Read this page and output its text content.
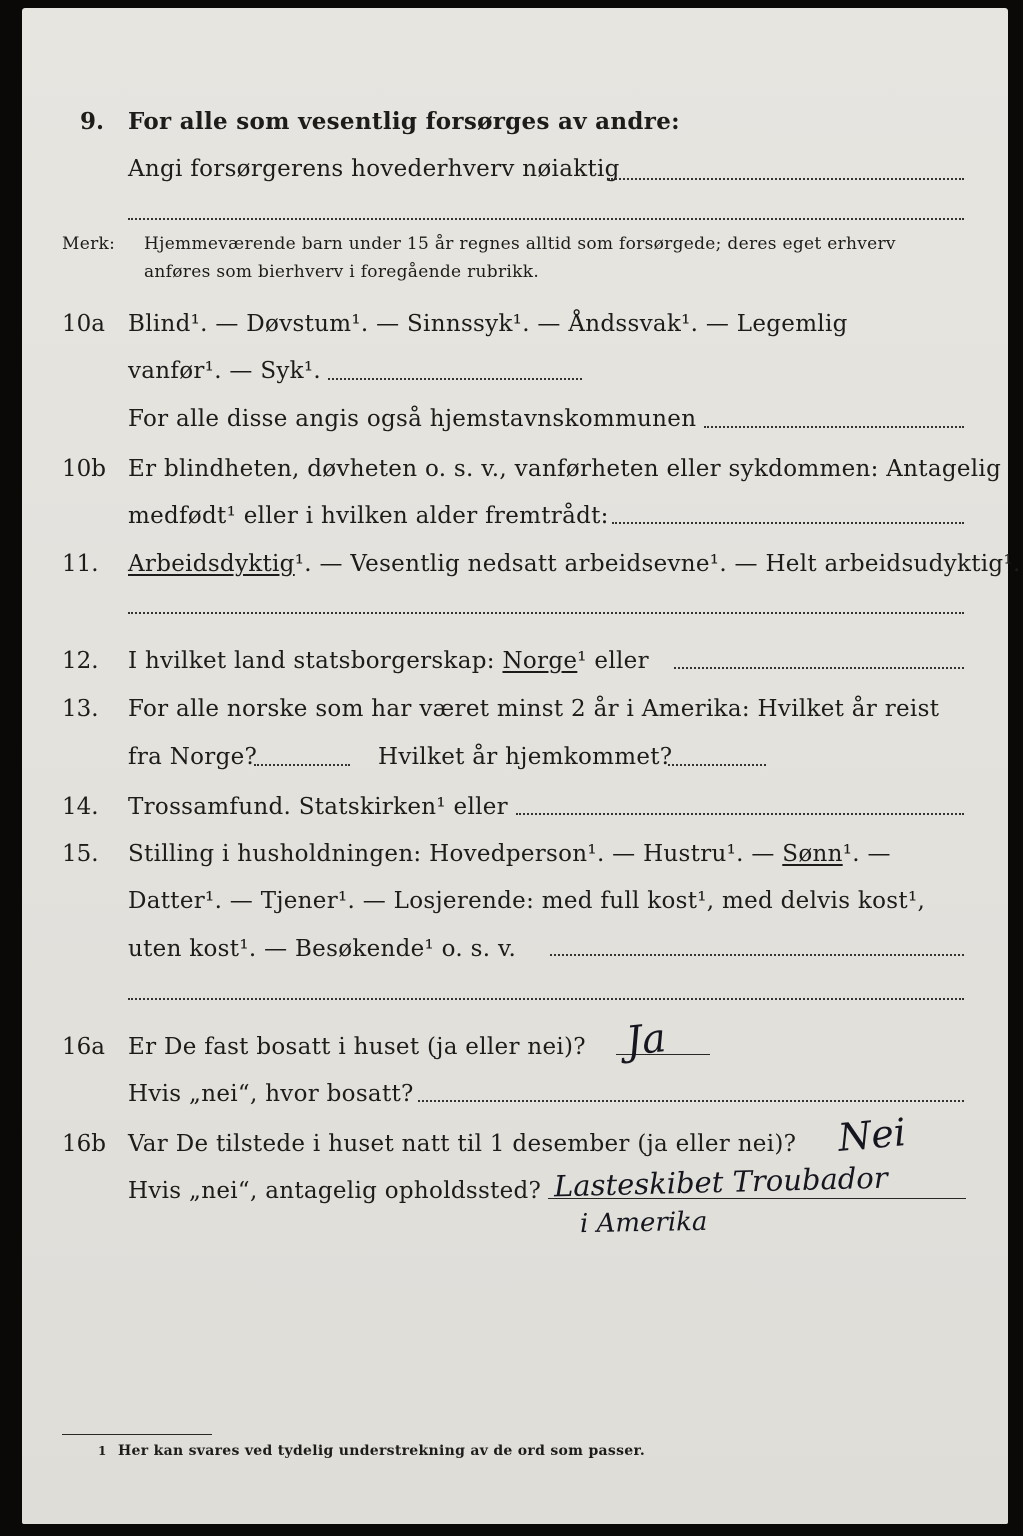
9. For alle som vesentlig forsørges av andre:
Angi forsørgerens hovederhverv nøiaktig
Merk: Hjemmeværende barn under 15 år regnes alltid som forsørgede; deres eget erhverv
anføres som bierhverv i foregående rubrikk.
10a Blind¹. — Døvstum¹. — Sinnssyk¹. — Åndssvak¹. — Legemlig
vanfør¹. — Syk¹.
For alle disse angis også hjemstavnskommunen
10b Er blindheten, døvheten o. s. v., vanførheten eller sykdommen: Antagelig
medfødt¹ eller i hvilken alder fremtrådt:
11. Arbeidsdyktig¹. — Vesentlig nedsatt arbeidsevne¹. — Helt arbeidsudyktig¹.
12. I hvilket land statsborgerskap: Norge¹ eller
13. For alle norske som har været minst 2 år i Amerika: Hvilket år reist
fra Norge?	Hvilket år hjemkommet?
14. Trossamfund. Statskirken¹ eller
15. Stilling i husholdningen: Hovedperson¹. — Hustru¹. — Sønn¹. —
Datter¹. — Tjener¹. — Losjerende: med full kost¹, med delvis kost¹,
uten kost¹. — Besøkende¹ o. s. v.
16a Er De fast bosatt i huset (ja eller nei)? Ja
Hvis „nei“, hvor bosatt?
16b Var De tilstede i huset natt til 1 desember (ja eller nei)? Nei
Hvis „nei“, antagelig opholdssted? Lasteskibet Troubador
i Amerika
1 Her kan svares ved tydelig understrekning av de ord som passer.
